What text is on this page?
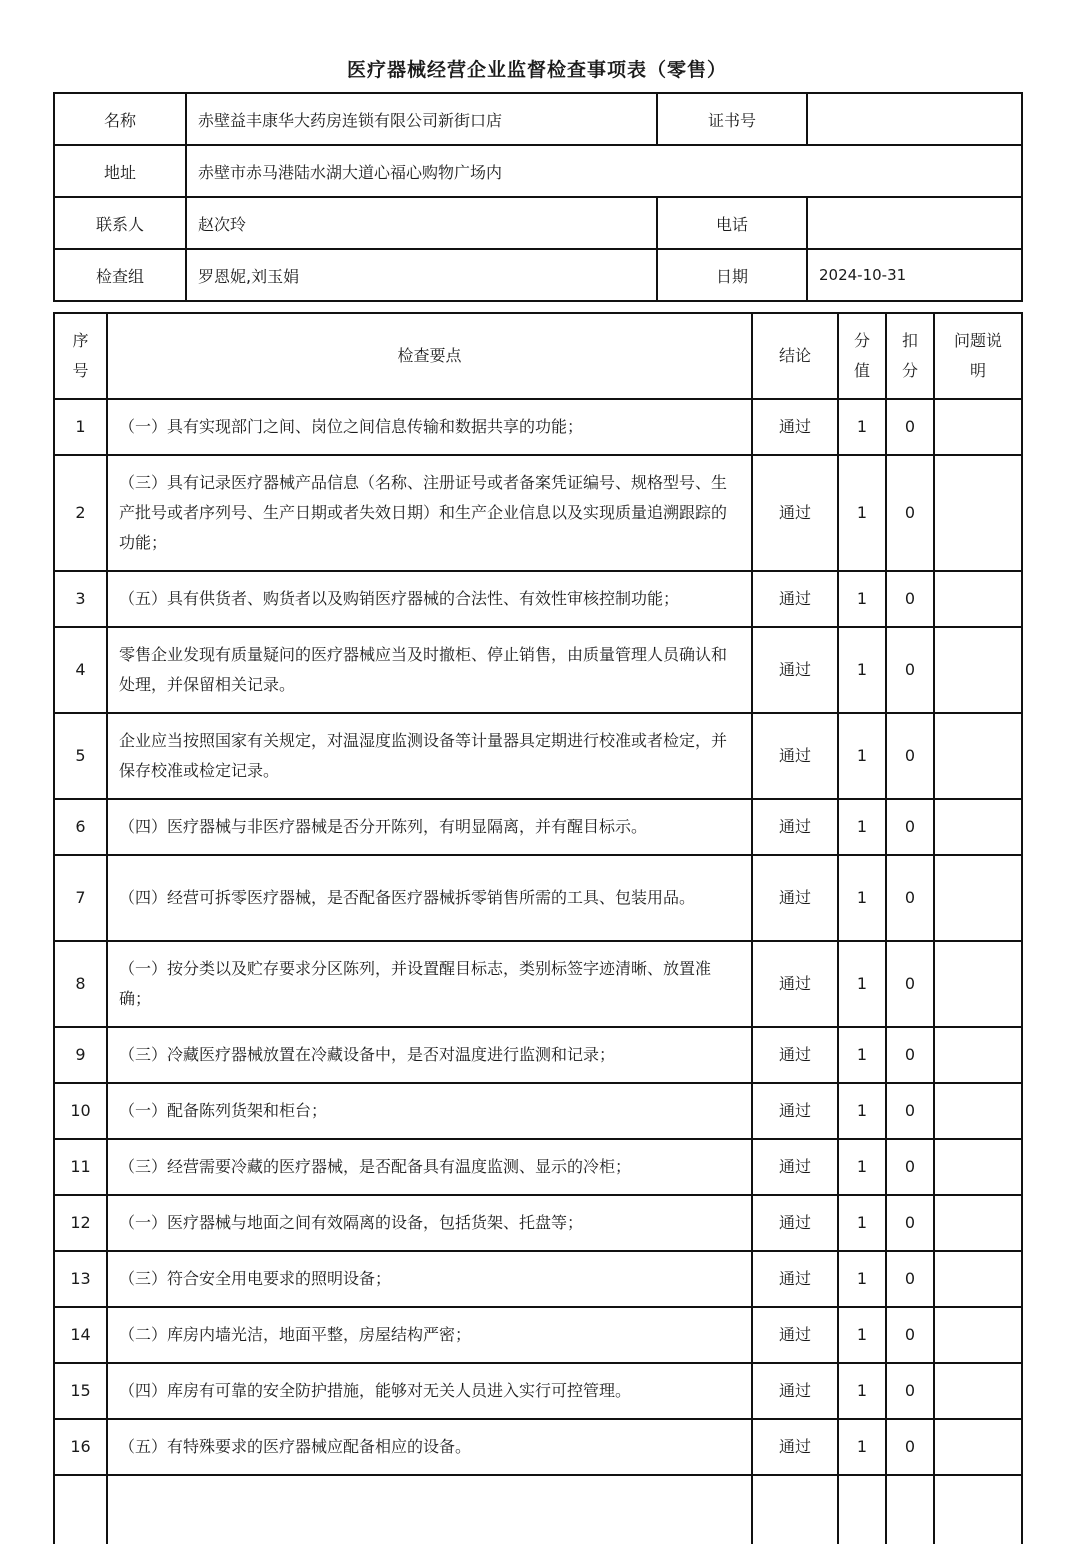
医疗器械经营企业监督检查事项表（零售）
名称	赤壁益丰康华大药房连锁有限公司新街口店	证书号	
地址	赤壁市赤马港陆水湖大道心福心购物广场内		
联系人	赵次玲	电话	
检查组	罗恩妮,刘玉娟	日期	2024-10-31
序号	检查要点	结论	分值	扣分	问题说明
1	（一）具有实现部门之间、岗位之间信息传输和数据共享的功能；	通过	1	0	
2	（三）具有记录医疗器械产品信息（名称、注册证号或者备案凭证编号、规格型号、生产批号或者序列号、生产日期或者失效日期）和生产企业信息以及实现质量追溯跟踪的功能；	通过	1	0	
3	（五）具有供货者、购货者以及购销医疗器械的合法性、有效性审核控制功能；	通过	1	0	
4	零售企业发现有质量疑问的医疗器械应当及时撤柜、停止销售，由质量管理人员确认和处理，并保留相关记录。	通过	1	0	
5	企业应当按照国家有关规定，对温湿度监测设备等计量器具定期进行校准或者检定，并保存校准或检定记录。	通过	1	0	
6	（四）医疗器械与非医疗器械是否分开陈列，有明显隔离，并有醒目标示。	通过	1	0	
7	（四）经营可拆零医疗器械，是否配备医疗器械拆零销售所需的工具、包装用品。	通过	1	0	
8	（一）按分类以及贮存要求分区陈列，并设置醒目标志，类别标签字迹清晰、放置准确；	通过	1	0	
9	（三）冷藏医疗器械放置在冷藏设备中，是否对温度进行监测和记录；	通过	1	0	
10	（一）配备陈列货架和柜台；	通过	1	0	
11	（三）经营需要冷藏的医疗器械，是否配备具有温度监测、显示的冷柜；	通过	1	0	
12	（一）医疗器械与地面之间有效隔离的设备，包括货架、托盘等；	通过	1	0	
13	（三）符合安全用电要求的照明设备；	通过	1	0	
14	（二）库房内墙光洁，地面平整，房屋结构严密；	通过	1	0	
15	（四）库房有可靠的安全防护措施，能够对无关人员进入实行可控管理。	通过	1	0	
16	（五）有特殊要求的医疗器械应配备相应的设备。	通过	1	0	
